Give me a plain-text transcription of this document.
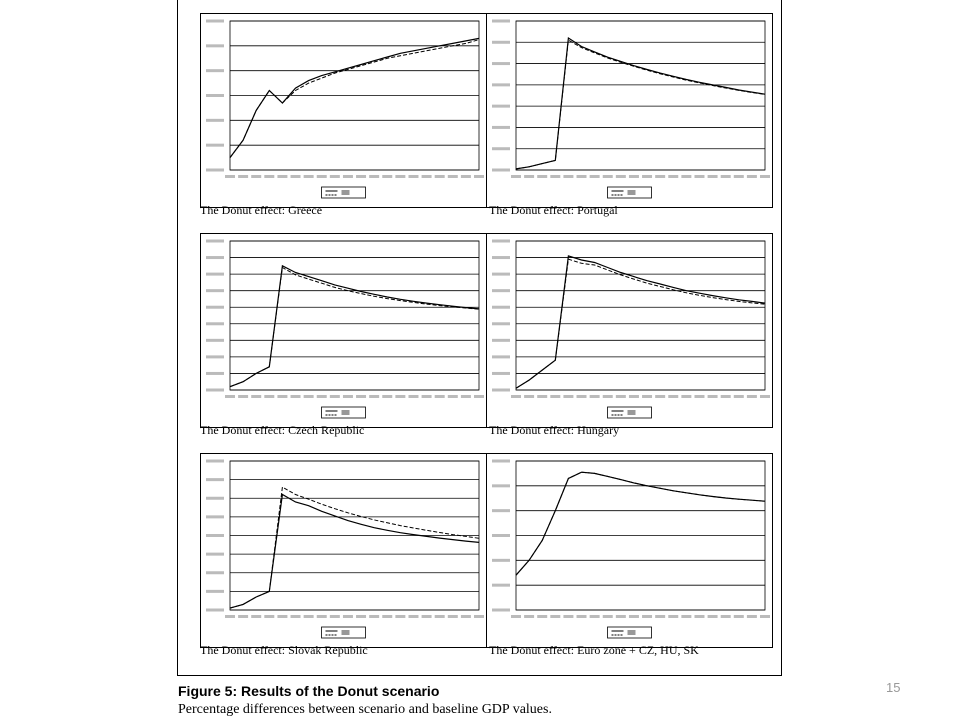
The Donut effect: Greece	The Donut effect: Portugal
The Donut effect: Czech Republic	The Donut effect: Hungary
The Donut effect: Slovak Republic	The Donut effect: Euro zone + CZ, HU, SK
Figure 5: Results of the Donut scenario
Percentage differences between scenario and baseline GDP values.
15
